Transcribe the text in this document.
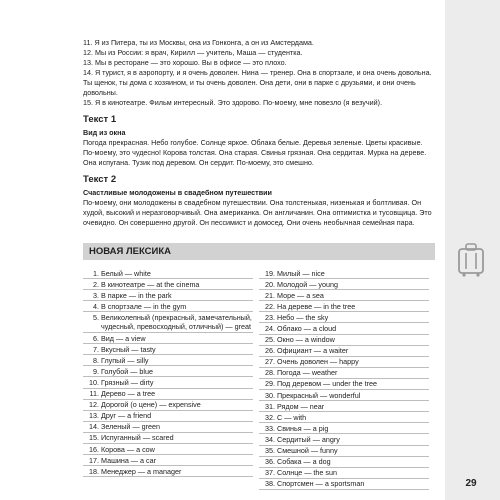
11. Я из Питера, ты из Москвы, она из Гонконга, а он из Амстердама.
12. Мы из России: я врач, Кирилл — учитель, Маша — студентка.
13. Мы в ресторане — это хорошо. Вы в офисе — это плохо.
14. Я турист, я в аэропорту, и я очень доволен. Нина — тренер. Она в спортзале, и она очень довольна. Ты щенок, ты дома с хозяином, и ты очень доволен. Она дети, они в парке с друзьями, и они очень довольны.
15. Я в кинотеатре. Фильм интересный. Это здорово. По-моему, мне повезло (я везучий).
Текст 1
Вид из окна
Погода прекрасная. Небо голубое. Солнце яркое. Облака белые. Деревья зеленые. Цветы красивые. По-моему, это чудесно! Корова толстая. Она старая. Свинья грязная. Она сердитая. Мурка на дереве. Она испугана. Тузик под деревом. Он сердит. По-моему, это смешно.
Текст 2
Счастливые молодожены в свадебном путешествии
По-моему, они молодожены в свадебном путешествии. Она толстенькая, низенькая и болтливая. Он худой, высокий и неразговорчивый. Она американка. Он англичанин. Она оптимистка и тусовщица. Это очевидно. Он совершенно другой. Он пессимист и домосед. Они очень необычная семейная пара.
НОВАЯ ЛЕКСИКА
1. Белый — white
2. В кинотеатре — at the cinema
3. В парке — in the park
4. В спортзале — in the gym
5. Великолепный (прекрасный, замечательный, чудесный, превосходный, отличный) — great
6. Вид — a view
7. Вкусный — tasty
8. Глупый — silly
9. Голубой — blue
10. Грязный — dirty
11. Дерево — a tree
12. Дорогой (о цене) — expensive
13. Друг — a friend
14. Зеленый — green
15. Испуганный — scared
16. Корова — a cow
17. Машина — a car
18. Менеджер — a manager
19. Милый — nice
20. Молодой — young
21. Море — a sea
22. На дереве — in the tree
23. Небо — the sky
24. Облако — a cloud
25. Окно — a window
26. Официант — a waiter
27. Очень доволен — happy
28. Погода — weather
29. Под деревом — under the tree
30. Прекрасный — wonderful
31. Рядом — near
32. С — with
33. Свинья — a pig
34. Сердитый — angry
35. Смешной — funny
36. Собака — a dog
37. Солнце — the sun
38. Спортсмен — a sportsman	29
